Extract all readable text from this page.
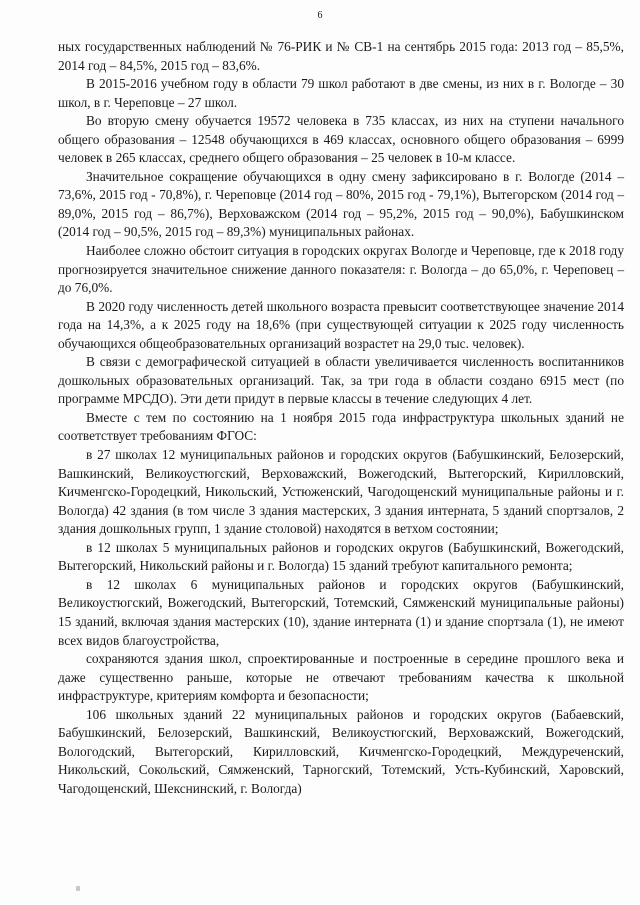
6

ных государственных наблюдений № 76-РИК и № СВ-1 на сентябрь 2015 года: 2013 год – 85,5%, 2014 год – 84,5%, 2015 год – 83,6%.

В 2015-2016 учебном году в области 79 школ работают в две смены, из них в г. Вологде – 30 школ, в г. Череповце – 27 школ.

Во вторую смену обучается 19572 человека в 735 классах, из них на ступени начального общего образования – 12548 обучающихся в 469 классах, основного общего образования – 6999 человек в 265 классах, среднего общего образования – 25 человек в 10-м классе.

Значительное сокращение обучающихся в одну смену зафиксировано в г. Вологде (2014 – 73,6%, 2015 год - 70,8%), г. Череповце (2014 год – 80%, 2015 год - 79,1%), Вытегорском (2014 год – 89,0%, 2015 год – 86,7%), Верховажском (2014 год – 95,2%, 2015 год – 90,0%), Бабушкинском (2014 год – 90,5%, 2015 год – 89,3%) муниципальных районах.

Наиболее сложно обстоит ситуация в городских округах Вологде и Череповце, где к 2018 году прогнозируется значительное снижение данного показателя: г. Вологда – до 65,0%, г. Череповец – до 76,0%.

В 2020 году численность детей школьного возраста превысит соответствующее значение 2014 года на 14,3%, а к 2025 году на 18,6% (при существующей ситуации к 2025 году численность обучающихся общеобразовательных организаций возрастет на 29,0 тыс. человек).

В связи с демографической ситуацией в области увеличивается численность воспитанников дошкольных образовательных организаций. Так, за три года в области создано 6915 мест (по программе МРСДО). Эти дети придут в первые классы в течение следующих 4 лет.

Вместе с тем по состоянию на 1 ноября 2015 года инфраструктура школьных зданий не соответствует требованиям ФГОС:

в 27 школах 12 муниципальных районов и городских округов (Бабушкинский, Белозерский, Вашкинский, Великоустюгский, Верховажский, Вожегодский, Вытегорский, Кирилловский, Кичменгско-Городецкий, Никольский, Устюженский, Чагодощенский муниципальные районы и г. Вологда) 42 здания (в том числе 3 здания мастерских, 3 здания интерната, 5 зданий спортзалов, 2 здания дошкольных групп, 1 здание столовой) находятся в ветхом состоянии;

в 12 школах 5 муниципальных районов и городских округов (Бабушкинский, Вожегодский, Вытегорский, Никольский районы и г. Вологда) 15 зданий требуют капитального ремонта;

в 12 школах 6 муниципальных районов и городских округов (Бабушкинский, Великоустюгский, Вожегодский, Вытегорский, Тотемский, Сямженский муниципальные районы) 15 зданий, включая здания мастерских (10), здание интерната (1) и здание спортзала (1), не имеют всех видов благоустройства,

сохраняются здания школ, спроектированные и построенные в середине прошлого века и даже существенно раньше, которые не отвечают требованиям качества к школьной инфраструктуре, критериям комфорта и безопасности;

106 школьных зданий 22 муниципальных районов и городских округов (Бабаевский, Бабушкинский, Белозерский, Вашкинский, Великоустюгский, Верховажский, Вожегодский, Вологодский, Вытегорский, Кирилловский, Кичменгско-Городецкий, Междуреченский, Никольский, Сокольский, Сямженский, Тарногский, Тотемский, Усть-Кубинский, Харовский, Чагодощенский, Шекснинский, г. Вологда)
